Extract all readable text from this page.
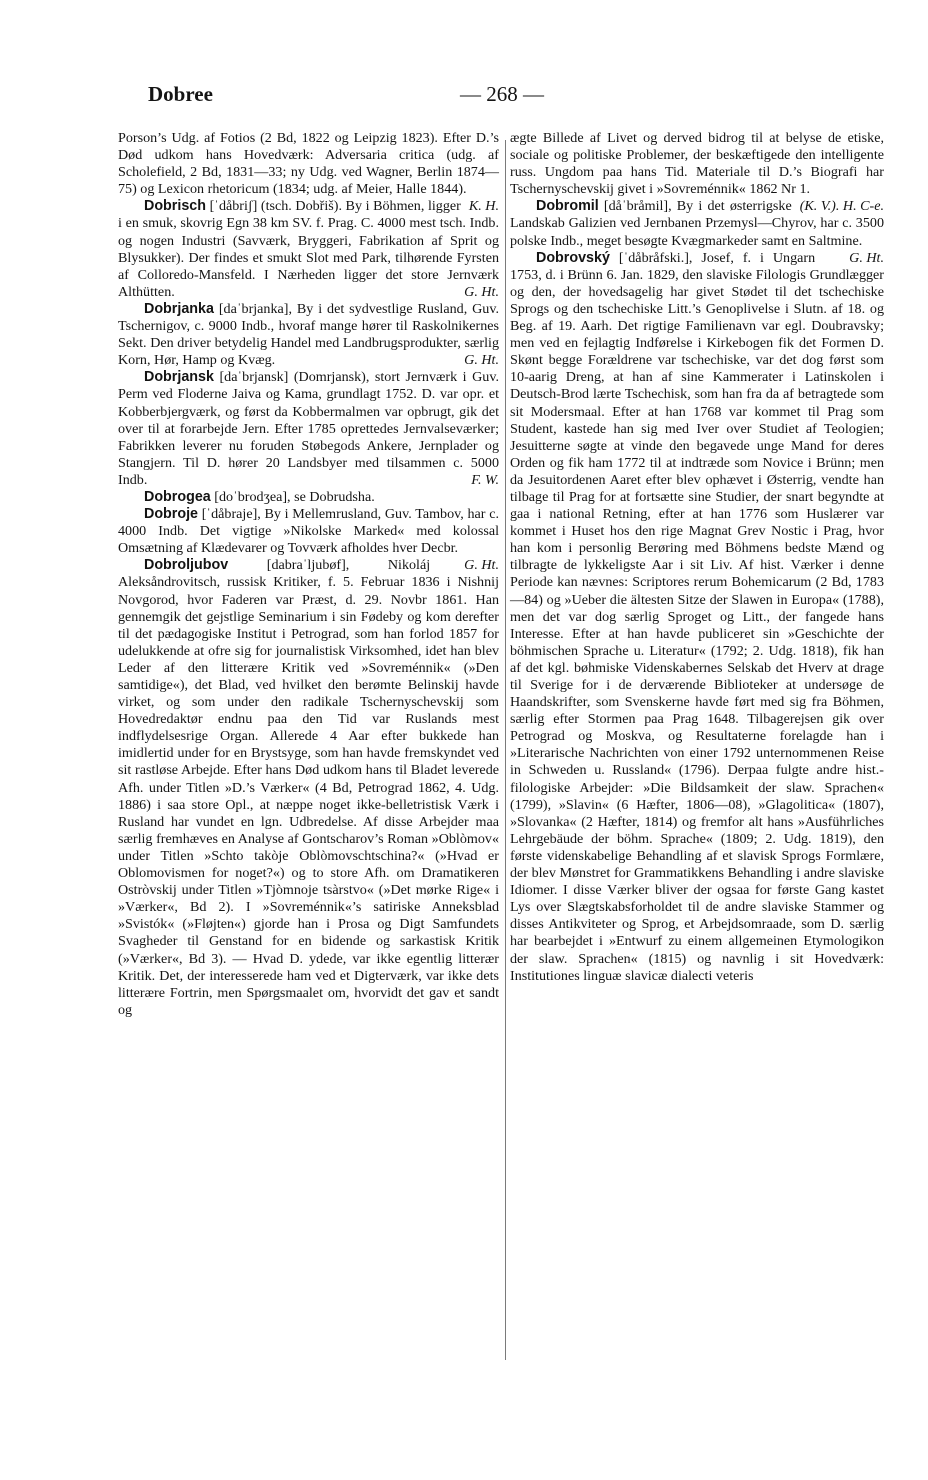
Dobree	— 268 —

Porson’s Udg. af Fotios (2 Bd, 1822 og Leipzig 1823). Efter D.’s Død udkom hans Hovedværk: Adversaria critica (udg. af Scholefield, 2 Bd, 1831—33; ny Udg. ved Wagner, Berlin 1874—75) og Lexicon rhetoricum (1834; udg. af Meier, Halle 1844). 
K. H.

Dobrisch [ˈdåbriʃ] (tsch. Dobřiš). By i Böhmen, ligger i en smuk, skovrig Egn 38 km SV. f. Prag. C. 4000 mest tsch. Indb. og nogen Industri (Savværk, Bryggeri, Fabrikation af Sprit og Blysukker). Der findes et smukt Slot med Park, tilhørende Fyrsten af Colloredo-Mansfeld. I Nærheden ligger det store Jernværk Althütten. 	G. Ht.

Dobrjanka [daˈbrjanka], By i det sydvestlige Rusland, Guv. Tschernigov, c. 9000 Indb., hvoraf mange hører til Raskolnikernes Sekt. Den driver betydelig Handel med Landbrugsprodukter, særlig Korn, Hør, Hamp og Kvæg. 	G. Ht.

Dobrjansk [daˈbrjansk] (Domrjansk), stort Jernværk i Guv. Perm ved Floderne Jaiva og Kama, grundlagt 1752. D. var opr. et Kobberbjergværk, og først da Kobbermalmen var opbrugt, gik det over til at forarbejde Jern. Efter 1785 oprettedes Jernvalseværker; Fabrikken leverer nu foruden Støbegods Ankere, Jernplader og Stangjern. Til D. hører 20 Landsbyer med tilsammen c. 5000 Indb. 	F. W.

Dobrogea [doˈbrodʒea], se Dobrudsha.

Dobroje [ˈdåbraje], By i Mellemrusland, Guv. Tambov, har c. 4000 Indb. Det vigtige »Nikolske Marked« med kolossal Omsætning af Klædevarer og Tovværk afholdes hver Decbr. 
G. Ht.

Dobroljubov	[dabraˈljubøf], Nikoláj Aleksåndrovitsch, russisk Kritiker, f. 5. Februar 1836 i Nishnij Novgorod, hvor Faderen var Præst, d. 29. Novbr 1861. Han gennemgik det gejstlige Seminarium i sin Fødeby og kom derefter til det pædagogiske Institut i Petrograd, som han forlod 1857 for udelukkende at ofre sig for journalistisk Virksomhed, idet han blev Leder af den litterære Kritik ved »Sovreménnik« (»Den samtidige«), det Blad, ved hvilket den berømte Belinskij havde virket, og som under den radikale Tschernyschevskij som Hovedredaktør endnu paa den Tid var Ruslands mest indflydelsesrige Organ. Allerede 4 Aar efter bukkede han imidlertid under for en Brystsyge, som han havde fremskyndet ved sit rastløse Arbejde. Efter hans Død udkom hans til Bladet leverede Afh. under Titlen »D.’s Værker« (4 Bd, Petrograd 1862, 4. Udg. 1886) i saa store Opl., at næppe noget ikke-belletristisk Værk i Rusland har vundet en lgn. Udbredelse. Af disse Arbejder maa særlig fremhæves en Analyse af Gontscharov’s Roman »Oblòmov« under Titlen »Schto takòje Oblòmovschtschina?« (»Hvad er Oblomovismen for noget?«) og to store Afh. om Dramatikeren Ostròvskij under Titlen »Tjòmnoje tsàrstvo« (»Det mørke Rige« i »Værker«, Bd 2). I »Sovreménnik«’s satiriske Anneksblad »Svistók« (»Fløjten«) gjorde han i Prosa og Digt Samfundets Svagheder til Genstand for en bidende og sarkastisk Kritik (»Værker«, Bd 3). — Hvad D. ydede, var ikke egentlig litterær Kritik. Det, der interesserede ham ved et Digterværk, var ikke dets litterære Fortrin, men Spørgsmaalet om, hvorvidt det gav et sandt og

ægte Billede af Livet og derved bidrog til at belyse de etiske, sociale og politiske Problemer, der beskæftigede den intelligente russ. Ungdom paa hans Tid. Materiale til D.’s Biografi har Tschernyschevskij givet i »Sovreménnik« 1862 Nr 1. 
(K. V.). H. C-e.

Dobromil [dåˈbråmil], By i det østerrigske Landskab Galizien ved Jernbanen Przemysl—Chyrov, har c. 3500 polske Indb., meget besøgte Kvægmarkeder samt en Saltmine. 
G. Ht.

Dobrovský [ˈdåbråfski.], Josef, f. i Ungarn 1753, d. i Brünn 6. Jan. 1829, den slaviske Filologis Grundlægger og den, der hovedsagelig har givet Stødet til det tschechiske Sprogs og den tschechiske Litt.’s Genoplivelse i Slutn. af 18. og Beg. af 19. Aarh. Det rigtige Familienavn var egl. Doubravsky; men ved en fejlagtig Indførelse i Kirkebogen fik det Formen D. Skønt begge Forældrene var tschechiske, var det dog først som 10-aarig Dreng, at han af sine Kammerater i Latinskolen i Deutsch-Brod lærte Tschechisk, som han fra da af betragtede som sit Modersmaal. Efter at han 1768 var kommet til Prag som Student, kastede han sig med Iver over Studiet af Teologien; Jesuitterne søgte at vinde den begavede unge Mand for deres Orden og fik ham 1772 til at indtræde som Novice i Brünn; men da Jesuitordenen Aaret efter blev ophævet i Østerrig, vendte han tilbage til Prag for at fortsætte sine Studier, der snart begyndte at gaa i national Retning, efter at han 1776 som Huslærer var kommet i Huset hos den rige Magnat Grev Nostic i Prag, hvor han kom i personlig Berøring med Böhmens bedste Mænd og tilbragte de lykkeligste Aar i sit Liv. Af hist. Værker i denne Periode kan nævnes: Scriptores rerum Bohemicarum (2 Bd, 1783—84) og »Ueber die ältesten Sitze der Slawen in Europa« (1788), men det var dog særlig Sproget og Litt., der fangede hans Interesse. Efter at han havde publiceret sin »Geschichte der böhmischen Sprache u. Literatur« (1792; 2. Udg. 1818), fik han af det kgl. bøhmiske Videnskabernes Selskab det Hverv at drage til Sverige for i de derværende Biblioteker at undersøge de Haandskrifter, som Svenskerne havde ført med sig fra Böhmen, særlig efter Stormen paa Prag 1648. Tilbagerejsen gik over Petrograd og Moskva, og Resultaterne forelagde han i »Literarische Nachrichten von einer 1792 unternommenen Reise in Schweden u. Russland« (1796). Derpaa fulgte andre hist.-filologiske Arbejder: »Die Bildsamkeit der slaw. Sprachen« (1799), »Slavin« (6 Hæfter, 1806—08), »Glagolitica« (1807), »Slovanka« (2 Hæfter, 1814) og fremfor alt hans »Ausführliches Lehrgebäude der böhm. Sprache« (1809; 2. Udg. 1819), den første videnskabelige Behandling af et slavisk Sprogs Formlære, der blev Mønstret for Grammatikkens Behandling i andre slaviske Idiomer. I disse Værker bliver der ogsaa for første Gang kastet Lys over Slægtskabsforholdet til de andre slaviske Stammer og disses Antikviteter og Sprog, et Arbejdsomraade, som D. særlig har bearbejdet i »Entwurf zu einem allgemeinen Etymologikon der slaw. Sprachen« (1815) og navnlig i sit Hovedværk: Institutiones linguæ slavicæ dialecti veteris
